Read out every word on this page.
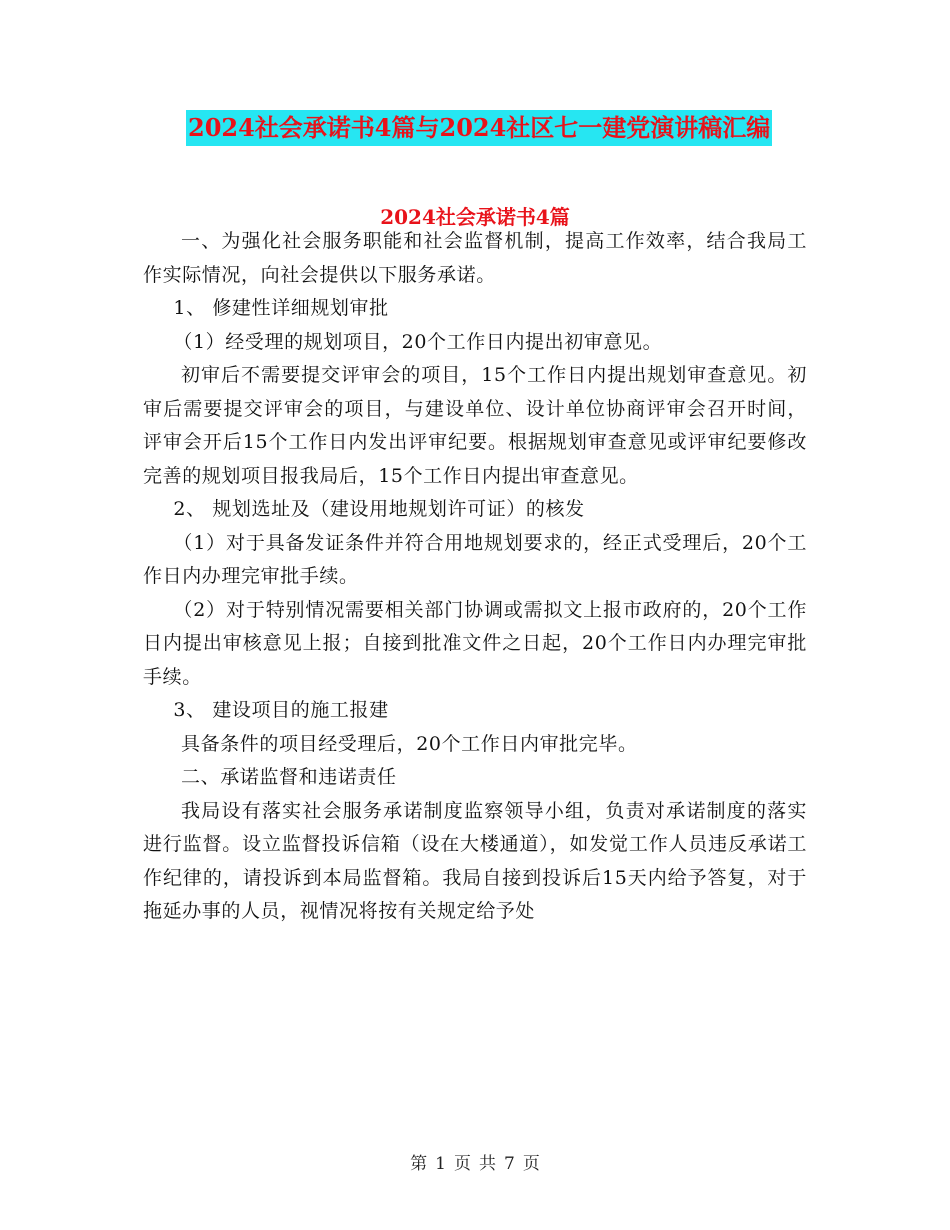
2024社会承诺书4篇与2024社区七一建党演讲稿汇编
2024社会承诺书4篇

一、为强化社会服务职能和社会监督机制，提高工作效率，结合我局工作实际情况，向社会提供以下服务承诺。

1、 修建性详细规划审批

（1）经受理的规划项目，20个工作日内提出初审意见。

初审后不需要提交评审会的项目，15个工作日内提出规划审查意见。初审后需要提交评审会的项目，与建设单位、设计单位协商评审会召开时间，评审会开后15个工作日内发出评审纪要。根据规划审查意见或评审纪要修改完善的规划项目报我局后，15个工作日内提出审查意见。

2、 规划选址及（建设用地规划许可证）的核发

（1）对于具备发证条件并符合用地规划要求的，经正式受理后，20个工作日内办理完审批手续。

（2）对于特别情况需要相关部门协调或需拟文上报市政府的，20个工作日内提出审核意见上报；自接到批准文件之日起，20个工作日内办理完审批手续。

3、 建设项目的施工报建

具备条件的项目经受理后，20个工作日内审批完毕。

二、承诺监督和违诺责任

我局设有落实社会服务承诺制度监察领导小组，负责对承诺制度的落实进行监督。设立监督投诉信箱（设在大楼通道），如发觉工作人员违反承诺工作纪律的，请投诉到本局监督箱。我局自接到投诉后15天内给予答复，对于拖延办事的人员，视情况将按有关规定给予处

第 1 页 共 7 页
